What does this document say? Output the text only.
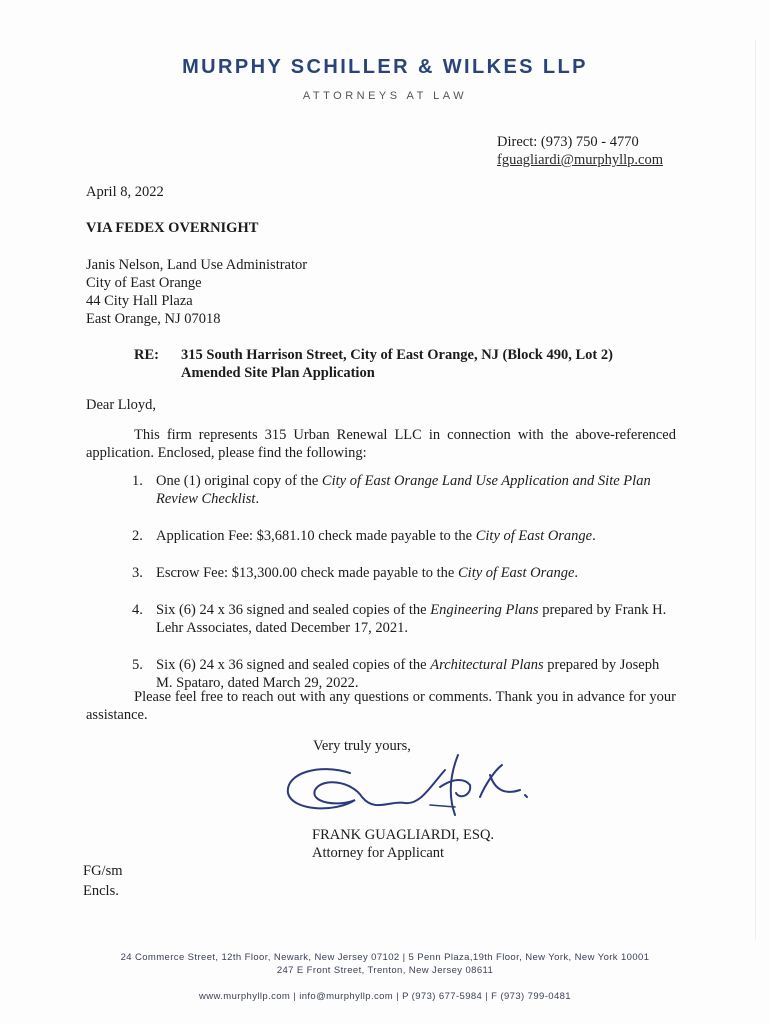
MURPHY SCHILLER & WILKES LLP
ATTORNEYS AT LAW
Direct: (973) 750 - 4770
fguagliardi@murphyllp.com
April 8, 2022
VIA FEDEX OVERNIGHT
Janis Nelson, Land Use Administrator
City of East Orange
44 City Hall Plaza
East Orange, NJ 07018
RE: 315 South Harrison Street, City of East Orange, NJ (Block 490, Lot 2)
Amended Site Plan Application
Dear Lloyd,
This firm represents 315 Urban Renewal LLC in connection with the above-referenced application. Enclosed, please find the following:
1. One (1) original copy of the City of East Orange Land Use Application and Site Plan Review Checklist.
2. Application Fee: $3,681.10 check made payable to the City of East Orange.
3. Escrow Fee: $13,300.00 check made payable to the City of East Orange.
4. Six (6) 24 x 36 signed and sealed copies of the Engineering Plans prepared by Frank H. Lehr Associates, dated December 17, 2021.
5. Six (6) 24 x 36 signed and sealed copies of the Architectural Plans prepared by Joseph M. Spataro, dated March 29, 2022.
Please feel free to reach out with any questions or comments. Thank you in advance for your assistance.
Very truly yours,
FRANK GUAGLIARDI, ESQ.
Attorney for Applicant
FG/sm
Encls.
24 Commerce Street, 12th Floor, Newark, New Jersey 07102 | 5 Penn Plaza,19th Floor, New York, New York 10001
247 E Front Street, Trenton, New Jersey 08611
www.murphyllp.com | info@murphyllp.com | P (973) 677-5984 | F (973) 799-0481
